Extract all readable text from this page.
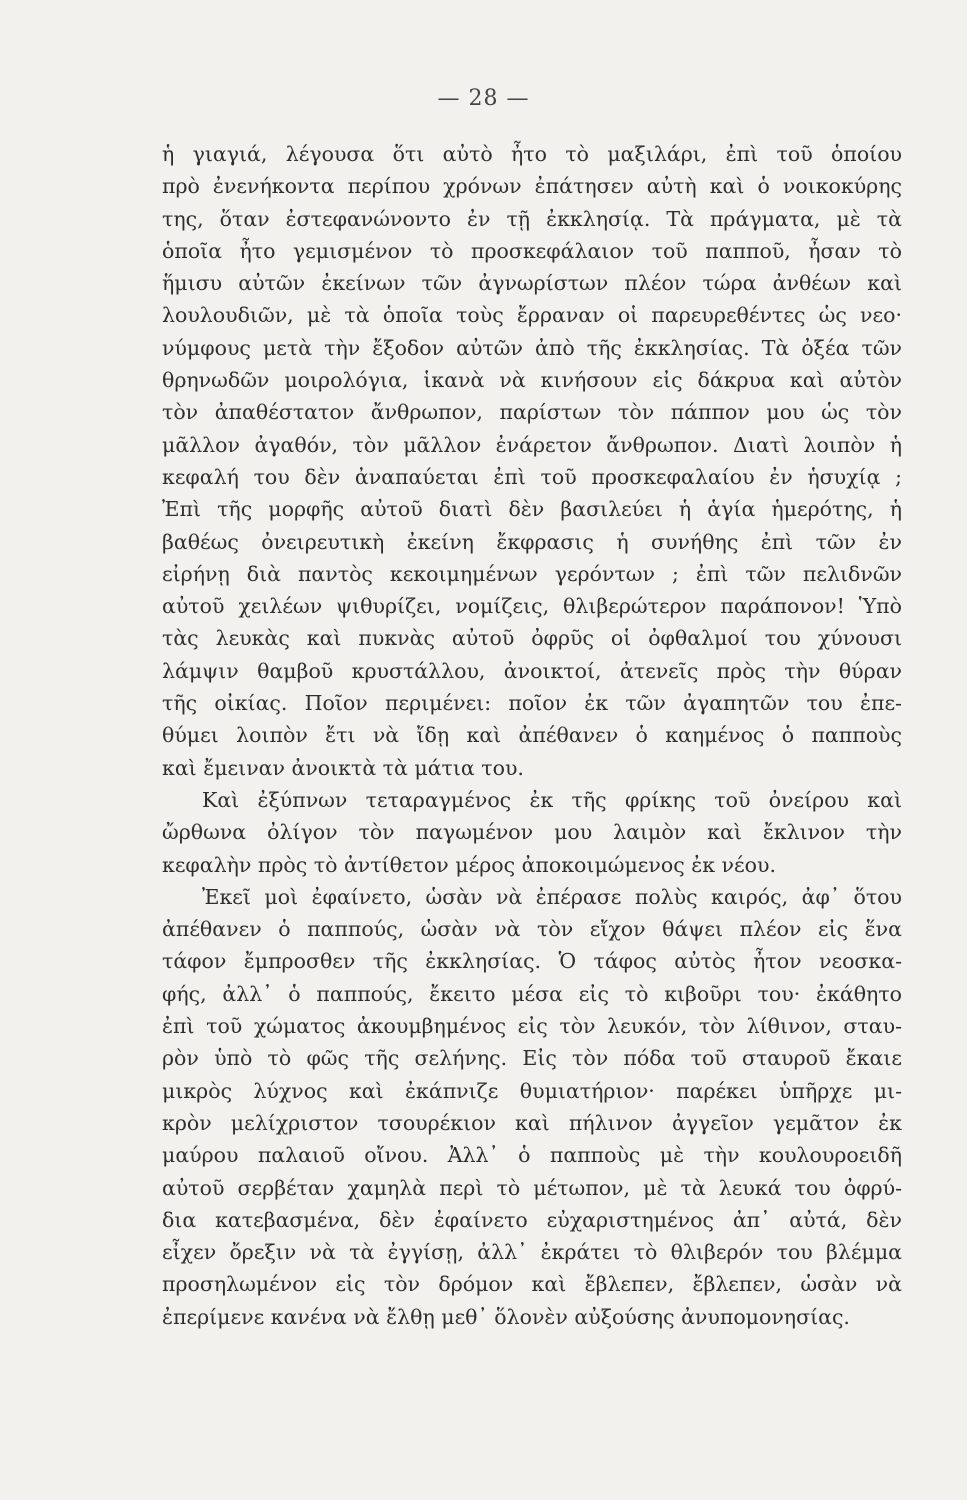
— 28 —
ἡ γιαγιά, λέγουσα ὅτι αὐτὸ ἦτο τὸ μαξιλάρι, ἐπὶ τοῦ ὁποίου
πρὸ ἐνενήκοντα περίπου χρόνων ἐπάτησεν αὐτὴ καὶ ὁ νοικοκύρης
της, ὅταν ἐστεφανώνοντο ἐν τῇ ἐκκλησίᾳ. Τὰ πράγματα, μὲ τὰ
ὁποῖα ἦτο γεμισμένον τὸ προσκεφάλαιον τοῦ παπποῦ, ἦσαν τὸ
ἥμισυ αὐτῶν ἐκείνων τῶν ἀγνωρίστων πλέον τώρα ἀνθέων καὶ
λουλουδιῶν, μὲ τὰ ὁποῖα τοὺς ἔρραναν οἱ παρευρεθέντες ὡς νεο·
νύμφους μετὰ τὴν ἔξοδον αὐτῶν ἀπὸ τῆς ἐκκλησίας. Τὰ ὀξέα τῶν
θρηνωδῶν μοιρολόγια, ἱκανὰ νὰ κινήσουν εἰς δάκρυα καὶ αὐτὸν
τὸν ἀπαθέστατον ἄνθρωπον, παρίστων τὸν πάππον μου ὡς τὸν
μᾶλλον ἀγαθόν, τὸν μᾶλλον ἐνάρετον ἄνθρωπον. Διατὶ λοιπὸν ἡ
κεφαλή του δὲν ἀναπαύεται ἐπὶ τοῦ προσκεφαλαίου ἐν ἡσυχίᾳ ;
Ἐπὶ τῆς μορφῆς αὐτοῦ διατὶ δὲν βασιλεύει ἡ ἁγία ἡμερότης, ἡ
βαθέως ὀνειρευτικὴ ἐκείνη ἔκφρασις ἡ συνήθης ἐπὶ τῶν ἐν
εἰρήνῃ διὰ παντὸς κεκοιμημένων γερόντων ; ἐπὶ τῶν πελιδνῶν
αὐτοῦ χειλέων ψιθυρίζει, νομίζεις, θλιβερώτερον παράπονον! Ὑπὸ
τὰς λευκὰς καὶ πυκνὰς αὐτοῦ ὀφρῦς οἱ ὀφθαλμοί του χύνουσι
λάμψιν θαμβοῦ κρυστάλλου, ἀνοικτοί, ἀτενεῖς πρὸς τὴν θύραν
τῆς οἰκίας. Ποῖον περιμένει: ποῖον ἐκ τῶν ἀγαπητῶν του ἐπε-
θύμει λοιπὸν ἔτι νὰ ἴδῃ καὶ ἀπέθανεν ὁ καημένος ὁ παπποὺς
καὶ ἔμειναν ἀνοικτὰ τὰ μάτια του.
Καὶ ἐξύπνων τεταραγμένος ἐκ τῆς φρίκης τοῦ ὀνείρου καὶ
ὤρθωνα ὀλίγον τὸν παγωμένον μου λαιμὸν καὶ ἔκλινον τὴν
κεφαλὴν πρὸς τὸ ἀντίθετον μέρος ἀποκοιμώμενος ἐκ νέου.
Ἐκεῖ μοὶ ἐφαίνετο, ὡσὰν νὰ ἐπέρασε πολὺς καιρός, ἀφ᾿ ὅτου
ἀπέθανεν ὁ παππούς, ὡσὰν νὰ τὸν εἴχον θάψει πλέον εἰς ἕνα
τάφον ἔμπροσθεν τῆς ἐκκλησίας. Ὁ τάφος αὐτὸς ἦτον νεοσκα-
φής, ἀλλ᾿ ὁ παππούς, ἔκειτο μέσα εἰς τὸ κιβοῦρι του· ἐκάθητο
ἐπὶ τοῦ χώματος ἀκουμβημένος εἰς τὸν λευκόν, τὸν λίθινον, σταυ-
ρὸν ὑπὸ τὸ φῶς τῆς σελήνης. Εἰς τὸν πόδα τοῦ σταυροῦ ἔκαιε
μικρὸς λύχνος καὶ ἐκάπνιζε θυμιατήριον· παρέκει ὑπῆρχε μι-
κρὸν μελίχριστον τσουρέκιον καὶ πήλινον ἀγγεῖον γεμᾶτον ἐκ
μαύρου παλαιοῦ οἴνου. Ἀλλ᾿ ὁ παπποὺς μὲ τὴν κουλουροειδῆ
αὐτοῦ σερβέταν χαμηλὰ περὶ τὸ μέτωπον, μὲ τὰ λευκά του ὀφρύ-
δια κατεβασμένα, δὲν ἐφαίνετο εὐχαριστημένος ἀπ᾿ αὐτά, δὲν
εἶχεν ὄρεξιν νὰ τὰ ἐγγίσῃ, ἀλλ᾿ ἐκράτει τὸ θλιβερόν του βλέμμα
προσηλωμένον εἰς τὸν δρόμον καὶ ἔβλεπεν, ἔβλεπεν, ὡσὰν νὰ
ἐπερίμενε κανένα νὰ ἔλθῃ μεθ᾿ ὅλονὲν αὐξούσης ἀνυπομονησίας.
